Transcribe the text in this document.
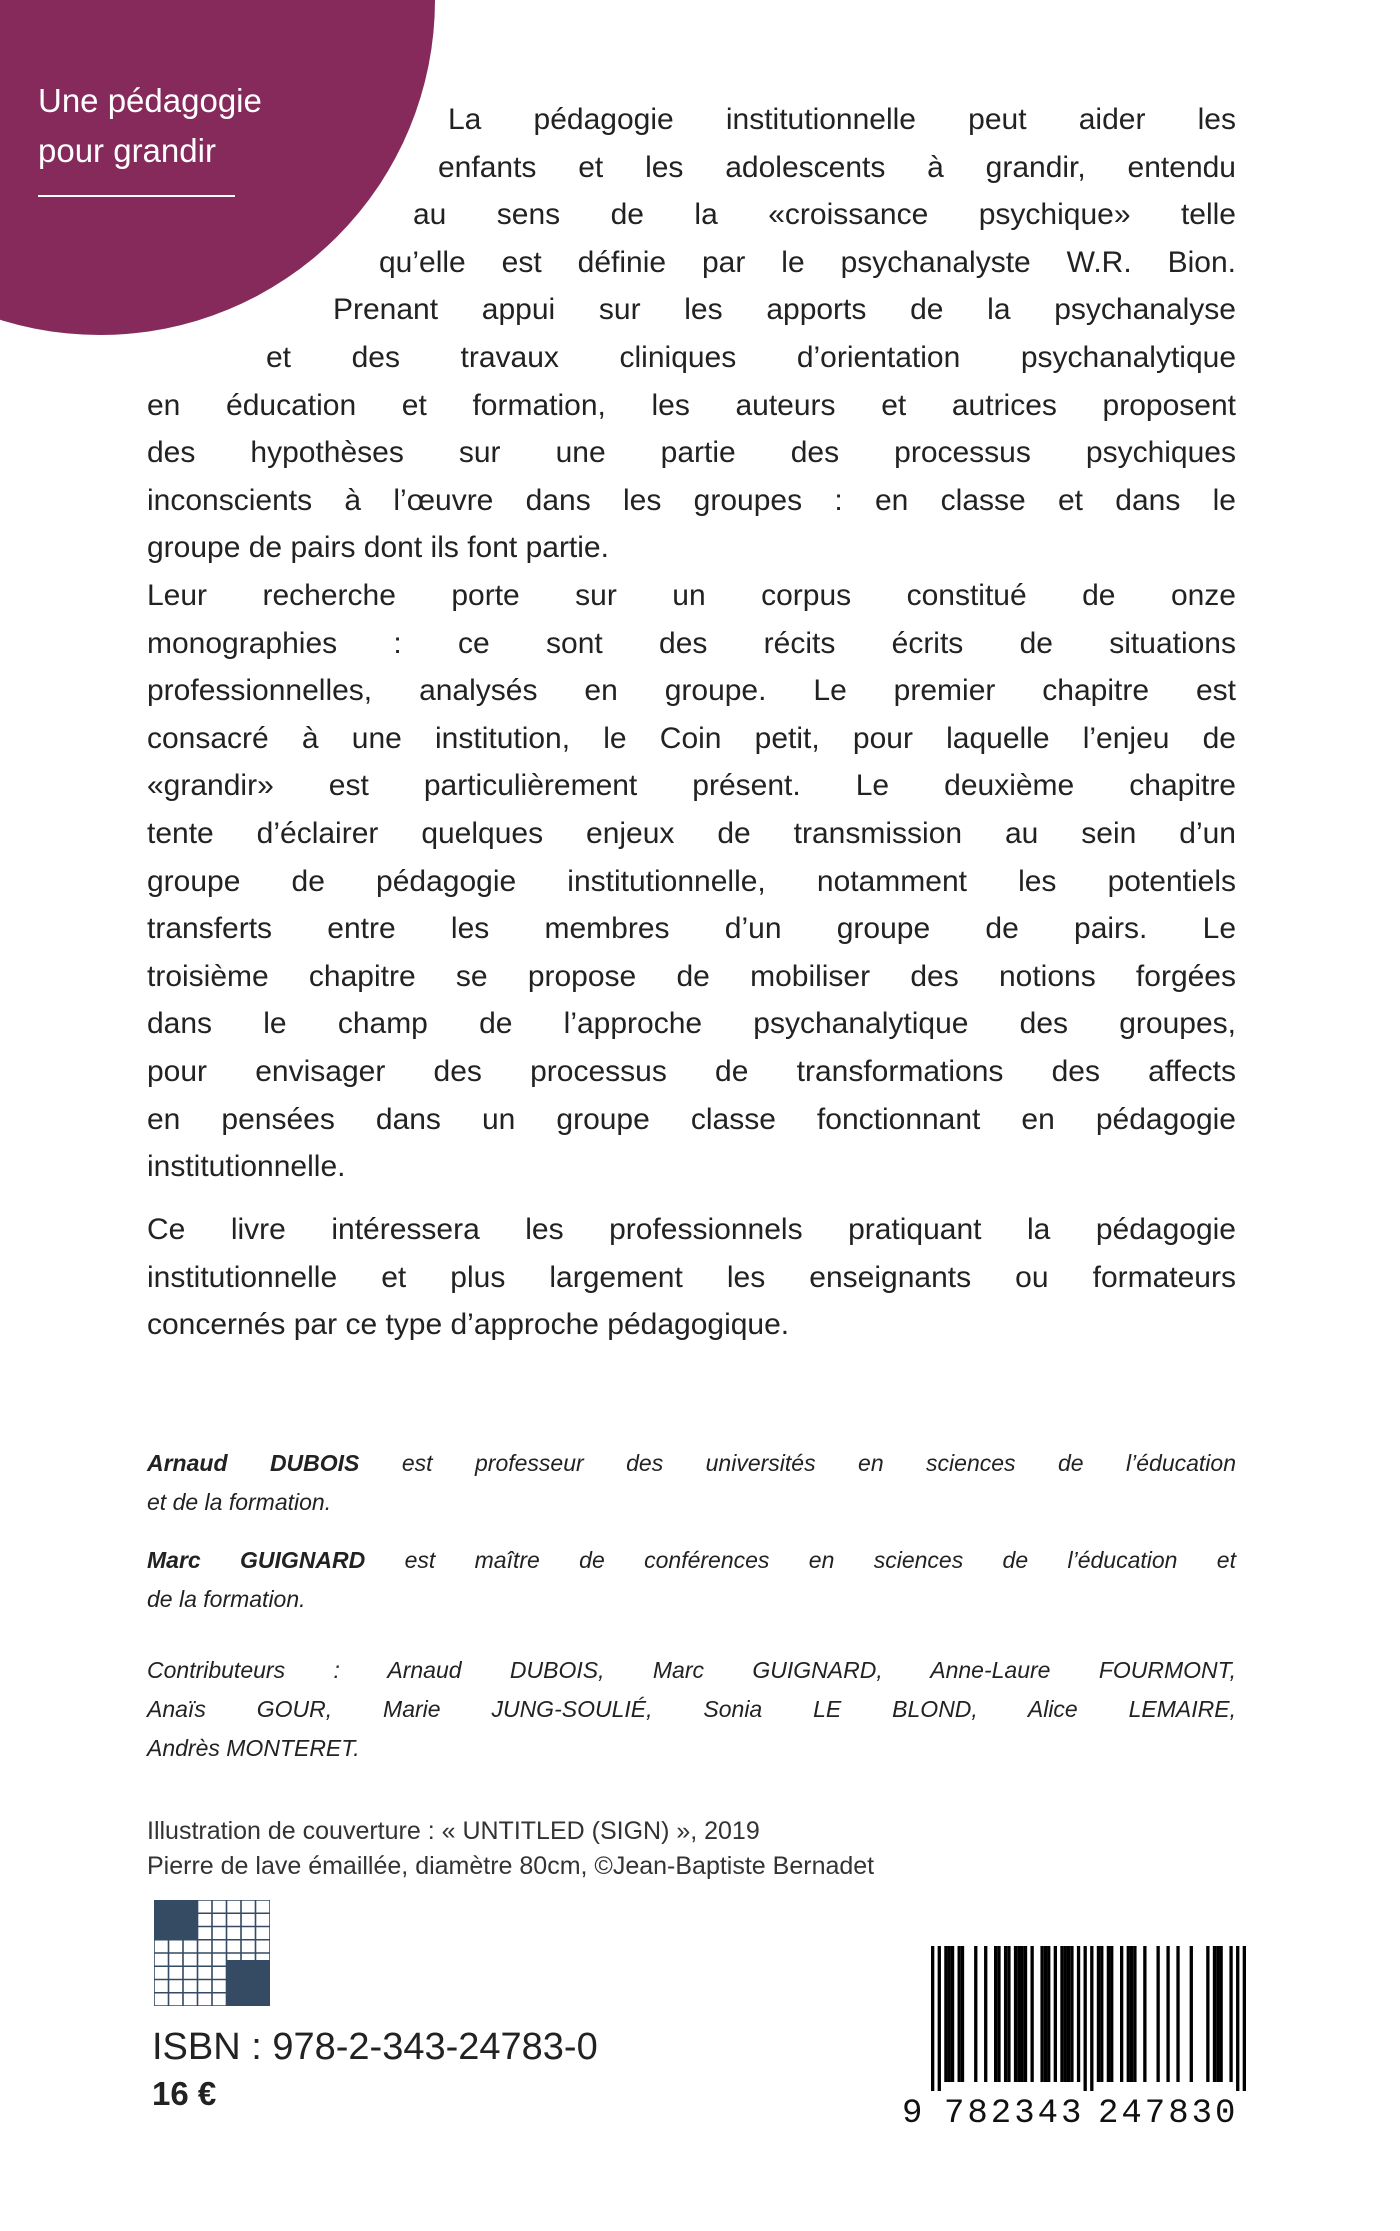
Une pédagogie
pour grandir
La pédagogie institutionnelle peut aider les
enfants et les adolescents à grandir, entendu
au sens de la «croissance psychique» telle
qu’elle est définie par le psychanalyste W.R. Bion.
Prenant appui sur les apports de la psychanalyse
et des travaux cliniques d’orientation psychanalytique
en éducation et formation, les auteurs et autrices proposent
des hypothèses sur une partie des processus psychiques
inconscients à l’œuvre dans les groupes : en classe et dans le
groupe de pairs dont ils font partie.
Leur recherche porte sur un corpus constitué de onze
monographies : ce sont des récits écrits de situations
professionnelles, analysés en groupe. Le premier chapitre est
consacré à une institution, le Coin petit, pour laquelle l’enjeu de
«grandir» est particulièrement présent. Le deuxième chapitre
tente d’éclairer quelques enjeux de transmission au sein d’un
groupe de pédagogie institutionnelle, notamment les potentiels
transferts entre les membres d’un groupe de pairs. Le
troisième chapitre se propose de mobiliser des notions forgées
dans le champ de l’approche psychanalytique des groupes,
pour envisager des processus de transformations des affects
en pensées dans un groupe classe fonctionnant en pédagogie
institutionnelle.
Ce livre intéressera les professionnels pratiquant la pédagogie
institutionnelle et plus largement les enseignants ou formateurs
concernés par ce type d’approche pédagogique.
Arnaud DUBOIS est professeur des universités en sciences de l’éducation
et de la formation.
Marc GUIGNARD est maître de conférences en sciences de l’éducation et
de la formation.
Contributeurs : Arnaud DUBOIS, Marc GUIGNARD, Anne-Laure FOURMONT,
Anaïs GOUR, Marie JUNG-SOULIÉ, Sonia LE BLOND, Alice LEMAIRE,
Andrès MONTERET.
Illustration de couverture : « UNTITLED (SIGN) », 2019
Pierre de lave émaillée, diamètre 80cm, ©Jean-Baptiste Bernadet
ISBN : 978-2-343-24783-0
16 €
9 782343 247830
